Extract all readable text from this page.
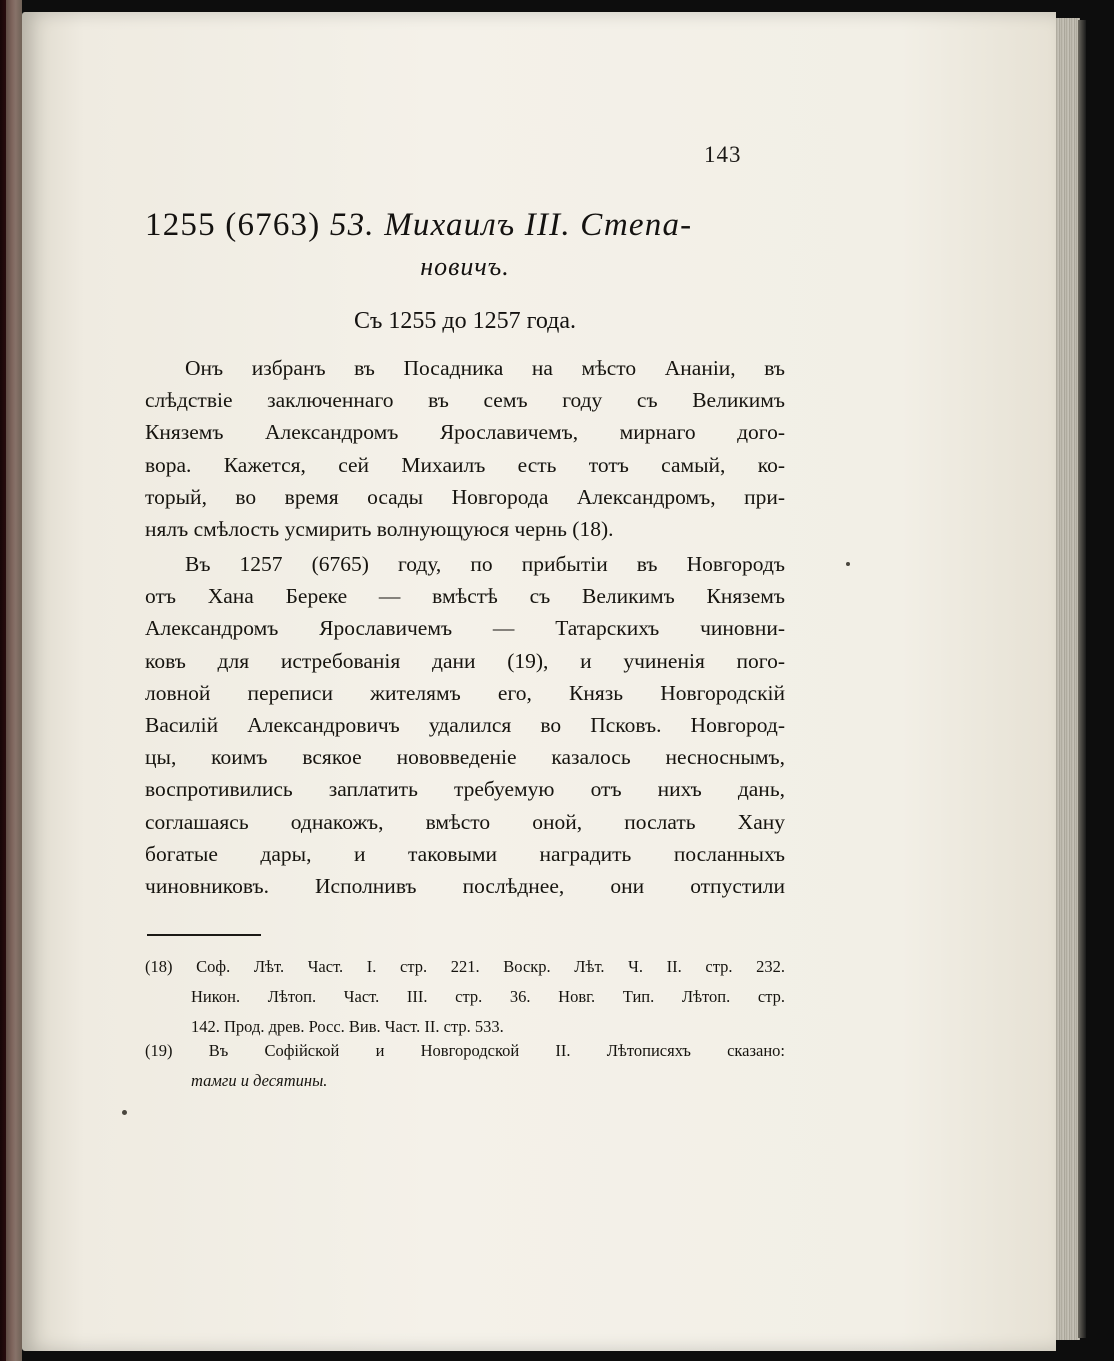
143
1255 (6763) 53. Михаилъ III. Степа-
новичъ.
Съ 1255 до 1257 года.
Онъ избранъ въ Посадника на мѣсто Ананіи, въ
слѣдствіе заключеннаго въ семъ году съ Великимъ
Княземъ Александромъ Ярославичемъ, мирнаго дого-
вора. Кажется, сей Михаилъ есть тотъ самый, ко-
торый, во время осады Новгорода Александромъ, при-
нялъ смѣлость усмирить волнующуюся чернь (18).
Въ 1257 (6765) году, по прибытіи въ Новгородъ
отъ Хана Береке — вмѣстѣ съ Великимъ Княземъ
Александромъ Ярославичемъ — Татарскихъ чиновни-
ковъ для истребованія дани (19), и учиненія пого-
ловной переписи жителямъ его, Князь Новгородскій
Василій Александровичъ удалился во Псковъ. Новгород-
цы, коимъ всякое нововведеніе казалось несноснымъ,
воспротивились заплатить требуемую отъ нихъ дань,
соглашаясь однакожъ, вмѣсто оной, послать Хану
богатые дары, и таковыми наградить посланныхъ
чиновниковъ. Исполнивъ послѣднее, они отпустили
(18) Соф. Лѣт. Част. I. стр. 221. Воскр. Лѣт. Ч. II. стр. 232.
Никон. Лѣтоп. Част. III. стр. 36. Новг. Тип. Лѣтоп. стр.
142. Прод. древ. Росс. Вив. Част. II. стр. 533.
(19) Въ Софійской и Новгородской II. Лѣтописяхъ сказано:
тамги и десятины.
